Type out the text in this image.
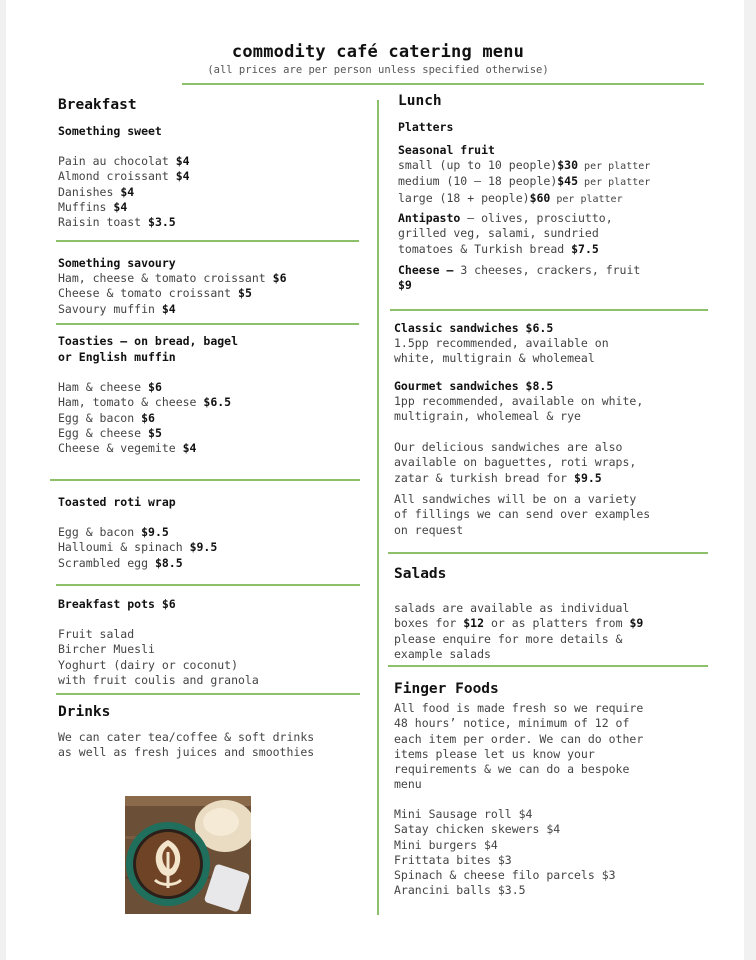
commodity café catering menu
(all prices are per person unless specified otherwise)
Breakfast
Something sweet
Pain au chocolat $4
Almond croissant $4
Danishes $4
Muffins $4
Raisin toast $3.5
Something savoury
Ham, cheese & tomato croissant $6
Cheese & tomato croissant $5
Savoury muffin $4
Toasties – on bread, bagel
or English muffin
Ham & cheese $6
Ham, tomato & cheese $6.5
Egg & bacon $6
Egg & cheese $5
Cheese & vegemite $4
Toasted roti wrap
Egg & bacon $9.5
Halloumi & spinach $9.5
Scrambled egg $8.5
Breakfast pots $6
Fruit salad
Bircher Muesli
Yoghurt (dairy or coconut)
with fruit coulis and granola
Drinks
We can cater tea/coffee & soft drinks
as well as fresh juices and smoothies
Lunch
Platters
Seasonal fruit
small (up to 10 people)$30 per platter
medium (10 – 18 people)$45 per platter
large (18 + people)$60 per platter
Antipasto – olives, prosciutto,
grilled veg, salami, sundried
tomatoes & Turkish bread $7.5
Cheese – 3 cheeses, crackers, fruit
$9
Classic sandwiches $6.5
1.5pp recommended, available on
white, multigrain & wholemeal
Gourmet sandwiches $8.5
1pp recommended, available on white,
multigrain, wholemeal & rye
Our delicious sandwiches are also
available on baguettes, roti wraps,
zatar & turkish bread for $9.5
All sandwiches will be on a variety
of fillings we can send over examples
on request
Salads
salads are available as individual
boxes for $12 or as platters from $9
please enquire for more details &
example salads
Finger Foods
All food is made fresh so we require
48 hours’ notice, minimum of 12 of
each item per order. We can do other
items please let us know your
requirements & we can do a bespoke
menu
Mini Sausage roll $4
Satay chicken skewers $4
Mini burgers $4
Frittata bites $3
Spinach & cheese filo parcels $3
Arancini balls $3.5
